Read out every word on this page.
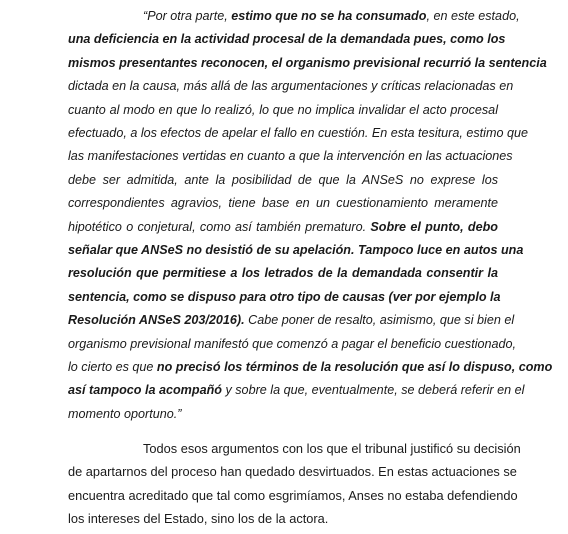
“Por otra parte, estimo que no se ha consumado, en este estado,
una deficiencia en la actividad procesal de la demandada pues, como los
mismos presentantes reconocen, el organismo previsional recurrió la sentencia
dictada en la causa, más allá de las argumentaciones y críticas relacionadas en
cuanto al modo en que lo realizó, lo que no implica invalidar el acto procesal
efectuado, a los efectos de apelar el fallo en cuestión. En esta tesitura, estimo que
las manifestaciones vertidas en cuanto a que la intervención en las actuaciones
debe ser admitida, ante la posibilidad de que la ANSeS no exprese los
correspondientes agravios, tiene base en un cuestionamiento meramente
hipotético o conjetural, como así también prematuro. Sobre el punto, debo
señalar que ANSeS no desistió de su apelación. Tampoco luce en autos una
resolución que permitiese a los letrados de la demandada consentir la
sentencia, como se dispuso para otro tipo de causas (ver por ejemplo la
Resolución ANSeS 203/2016). Cabe poner de resalto, asimismo, que si bien el
organismo previsional manifestó que comenzó a pagar el beneficio cuestionado,
lo cierto es que no precisó los términos de la resolución que así lo dispuso, como
así tampoco la acompañó y sobre la que, eventualmente, se deberá referir en el
momento oportuno.”
Todos esos argumentos con los que el tribunal justificó su decisión
de apartarnos del proceso han quedado desvirtuados. En estas actuaciones se
encuentra acreditado que tal como esgrimíamos, Anses no estaba defendiendo
los intereses del Estado, sino los de la actora.
